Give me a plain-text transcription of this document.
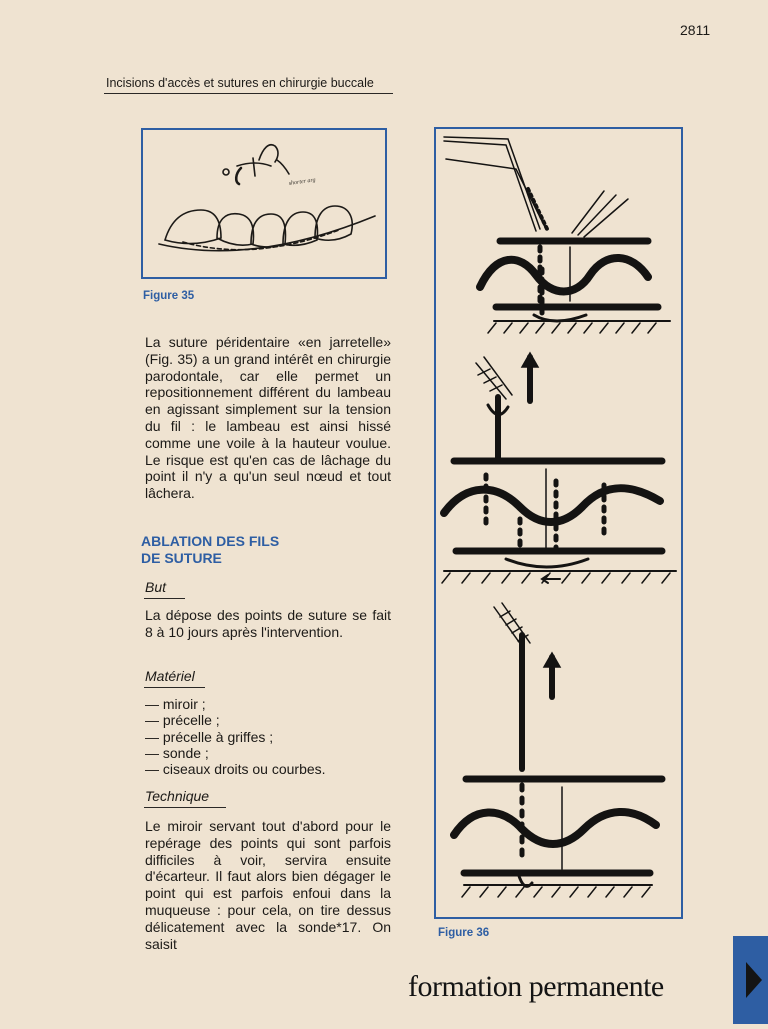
2811
Incisions d'accès et sutures en chirurgie buccale
shorter arg
Figure 35

La suture péridentaire «en jarretelle» (Fig. 35) a un grand intérêt en chirurgie parodontale, car elle permet un repositionnement différent du lambeau en agissant simplement sur la tension du fil : le lambeau est ainsi hissé comme une voile à la hauteur voulue. Le risque est qu'en cas de lâchage du point il n'y a qu'un seul nœud et tout lâchera.

ABLATION DES FILS
DE SUTURE
But

La dépose des points de suture se fait 8 à 10 jours après l'intervention.

Matériel
— miroir ;
— précelle ;
— précelle à griffes ;
— sonde ;
— ciseaux droits ou courbes.
Technique

Le miroir servant tout d'abord pour le repérage des points qui sont parfois difficiles à voir, servira ensuite d'écarteur. Il faut alors bien dégager le point qui est parfois enfoui dans la muqueuse : pour cela, on tire dessus délicatement avec la sonde*17. On saisit

Figure 36
formation permanente
